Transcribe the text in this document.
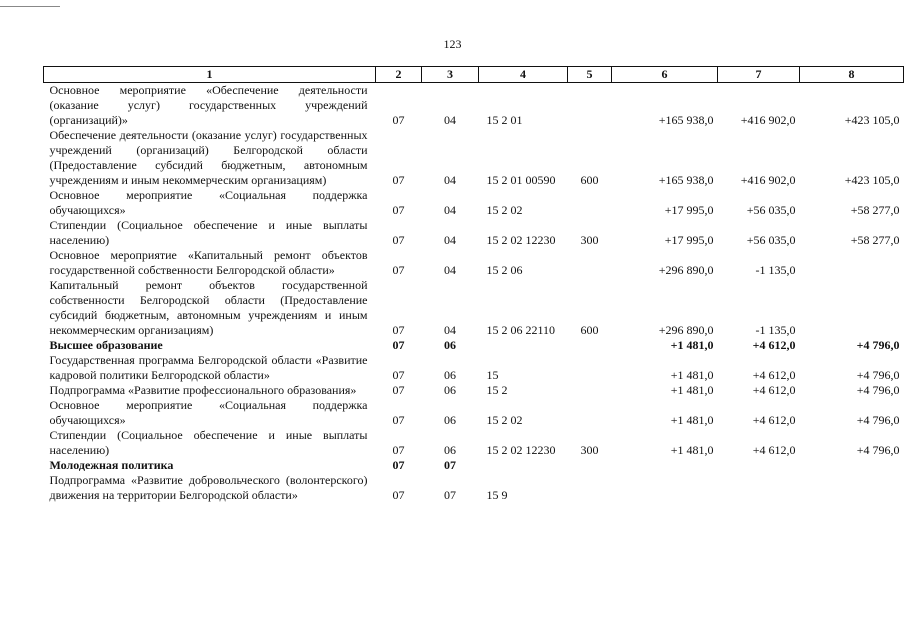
123
1	2	3	4	5	6	7	8
Основное мероприятие «Обеспечение деятельности (оказание услуг) государственных учреждений (организаций)»	07	04	15 2 01		+165 938,0	+416 902,0	+423 105,0
Обеспечение деятельности (оказание услуг) государственных учреждений (организаций) Белгородской области (Предоставление субсидий бюджетным, автономным учреждениям и иным некоммерческим организациям)	07	04	15 2 01 00590	600	+165 938,0	+416 902,0	+423 105,0
Основное мероприятие «Социальная поддержка обучающихся»	07	04	15 2 02		+17 995,0	+56 035,0	+58 277,0
Стипендии (Социальное обеспечение и иные выплаты населению)	07	04	15 2 02 12230	300	+17 995,0	+56 035,0	+58 277,0
Основное мероприятие «Капитальный ремонт объектов государственной собственности Белгородской области»	07	04	15 2 06		+296 890,0	-1 135,0	
Капитальный ремонт объектов государственной собственности Белгородской области (Предоставление субсидий бюджетным, автономным учреждениям и иным некоммерческим организациям)	07	04	15 2 06 22110	600	+296 890,0	-1 135,0	
Высшее образование	07	06			+1 481,0	+4 612,0	+4 796,0
Государственная программа Белгородской области «Развитие кадровой политики Белгородской области»	07	06	15		+1 481,0	+4 612,0	+4 796,0
Подпрограмма «Развитие профессионального образования»	07	06	15 2		+1 481,0	+4 612,0	+4 796,0
Основное мероприятие «Социальная поддержка обучающихся»	07	06	15 2 02		+1 481,0	+4 612,0	+4 796,0
Стипендии (Социальное обеспечение и иные выплаты населению)	07	06	15 2 02 12230	300	+1 481,0	+4 612,0	+4 796,0
Молодежная политика	07	07					
Подпрограмма «Развитие добровольческого (волонтерского) движения на территории Белгородской области»	07	07	15 9				
